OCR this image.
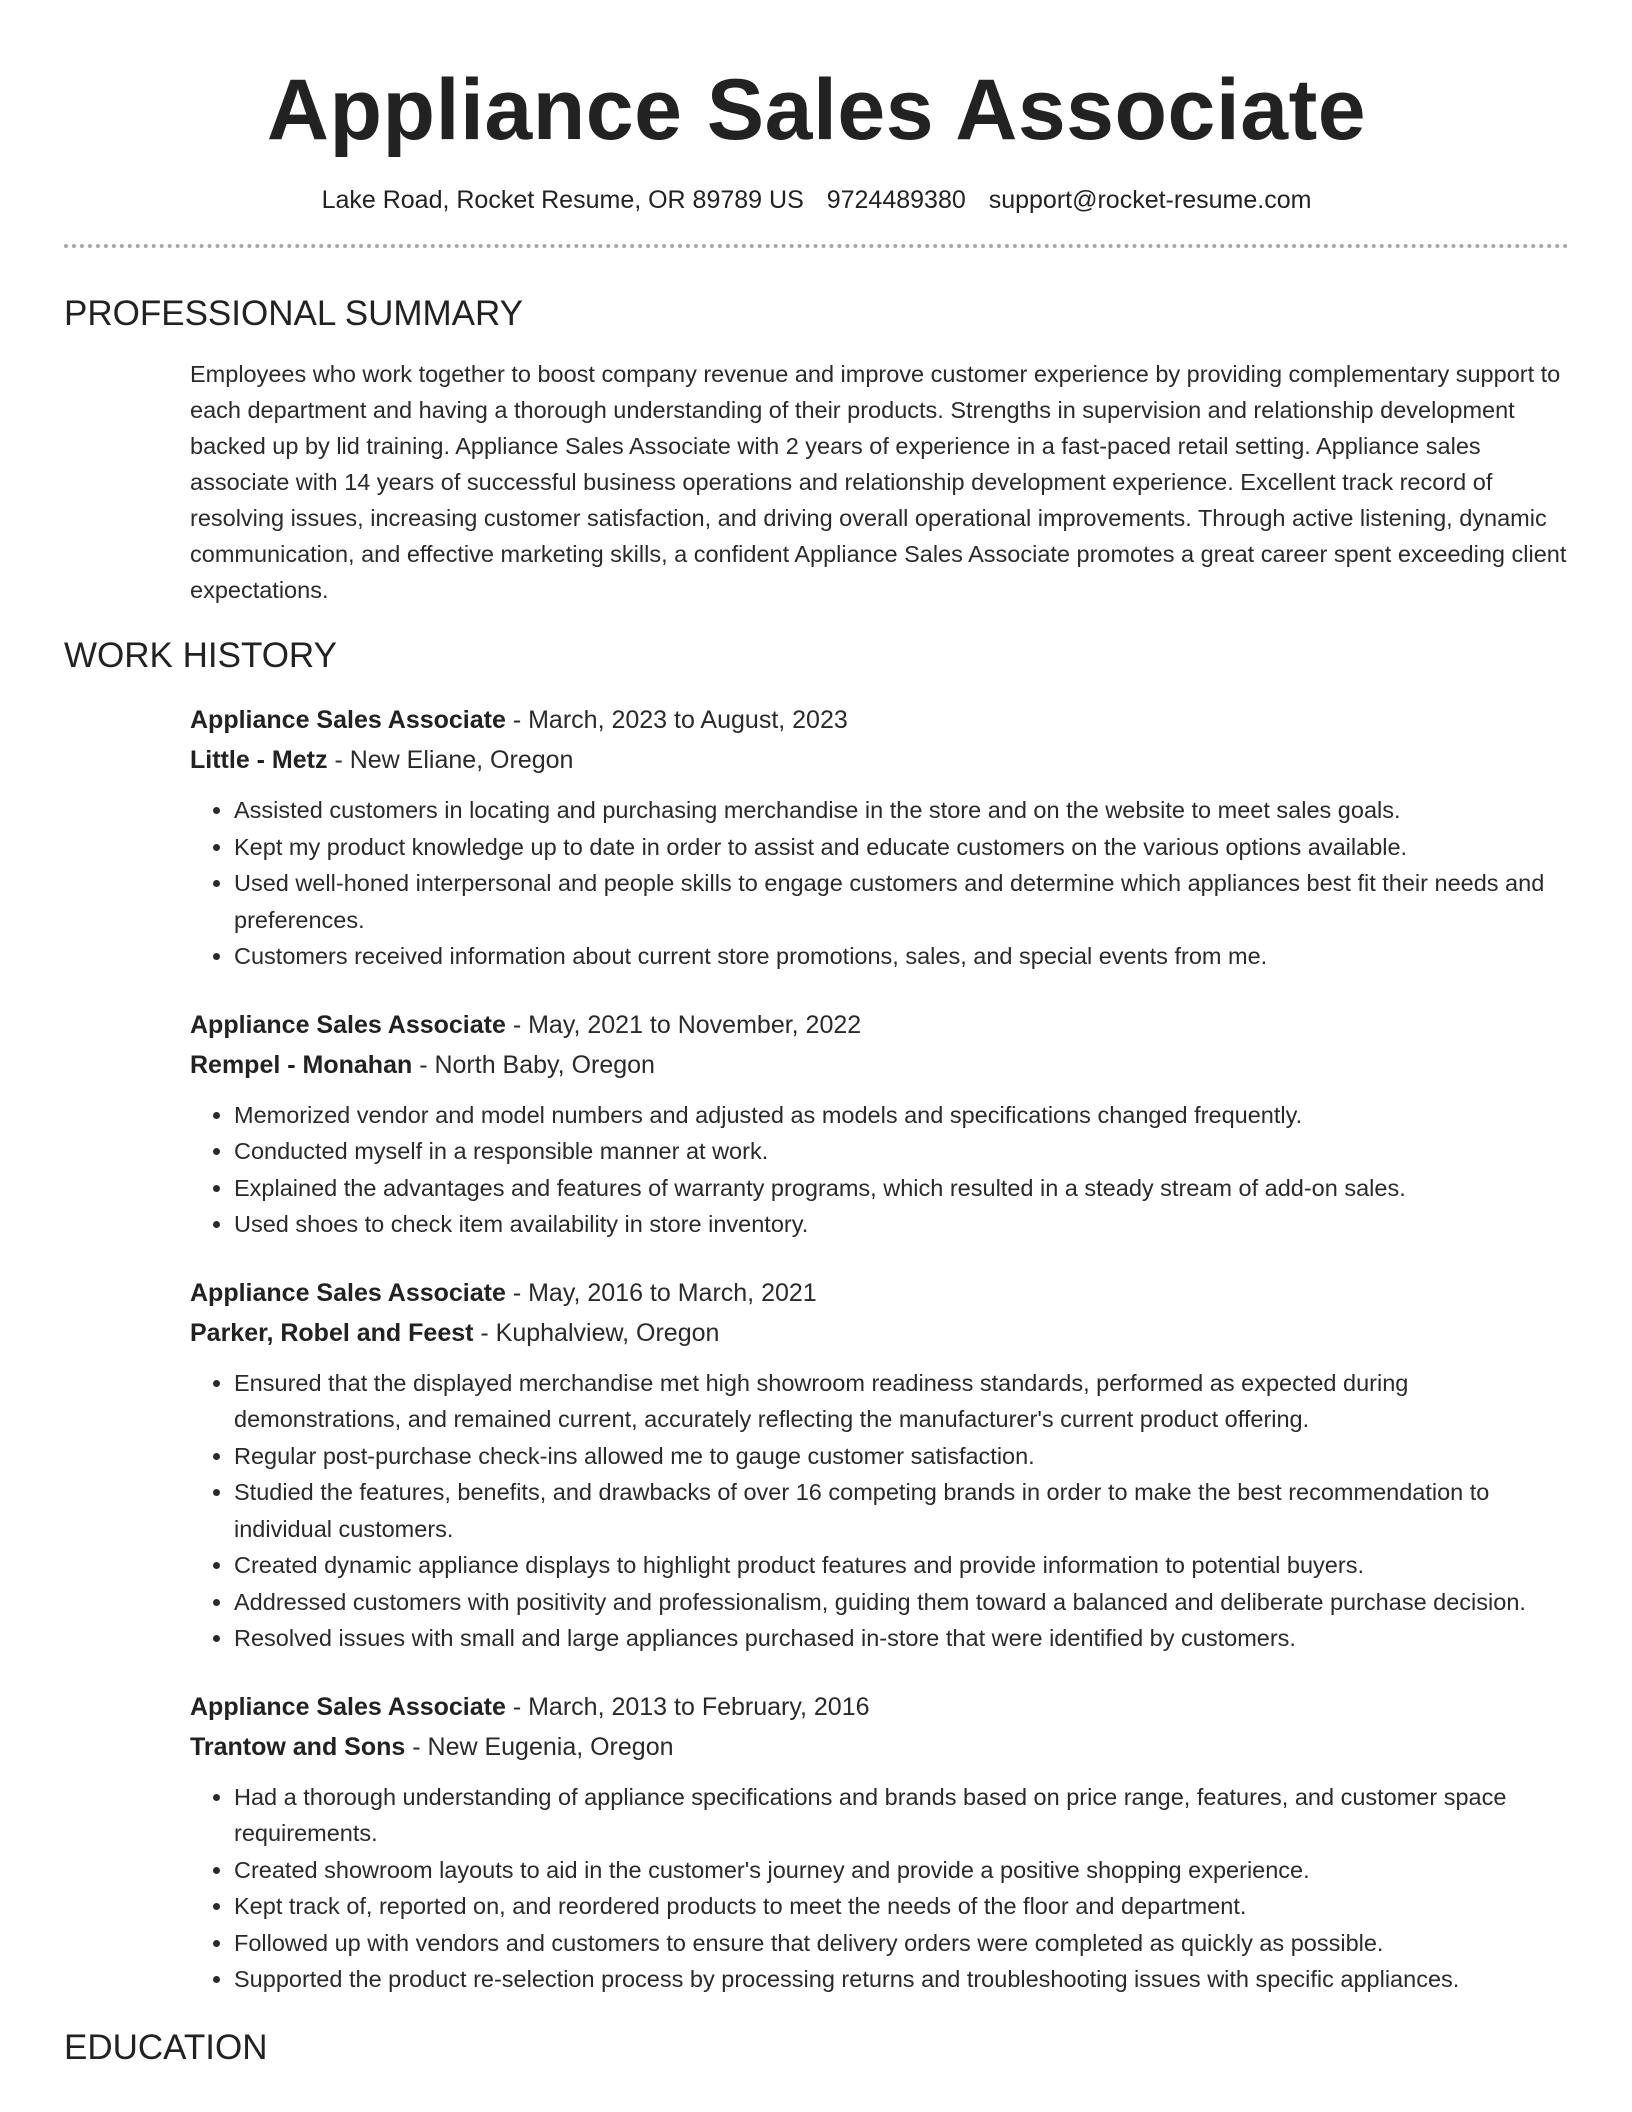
Appliance Sales Associate
Lake Road, Rocket Resume, OR 89789 US 9724489380 support@rocket-resume.com
PROFESSIONAL SUMMARY
Employees who work together to boost company revenue and improve customer experience by providing complementary support to each department and having a thorough understanding of their products. Strengths in supervision and relationship development backed up by lid training. Appliance Sales Associate with 2 years of experience in a fast-paced retail setting. Appliance sales associate with 14 years of successful business operations and relationship development experience. Excellent track record of resolving issues, increasing customer satisfaction, and driving overall operational improvements. Through active listening, dynamic communication, and effective marketing skills, a confident Appliance Sales Associate promotes a great career spent exceeding client expectations.
WORK HISTORY
Appliance Sales Associate - March, 2023 to August, 2023
Little - Metz - New Eliane, Oregon
• Assisted customers in locating and purchasing merchandise in the store and on the website to meet sales goals.
• Kept my product knowledge up to date in order to assist and educate customers on the various options available.
• Used well-honed interpersonal and people skills to engage customers and determine which appliances best fit their needs and preferences.
• Customers received information about current store promotions, sales, and special events from me.
Appliance Sales Associate - May, 2021 to November, 2022
Rempel - Monahan - North Baby, Oregon
• Memorized vendor and model numbers and adjusted as models and specifications changed frequently.
• Conducted myself in a responsible manner at work.
• Explained the advantages and features of warranty programs, which resulted in a steady stream of add-on sales.
• Used shoes to check item availability in store inventory.
Appliance Sales Associate - May, 2016 to March, 2021
Parker, Robel and Feest - Kuphalview, Oregon
• Ensured that the displayed merchandise met high showroom readiness standards, performed as expected during demonstrations, and remained current, accurately reflecting the manufacturer's current product offering.
• Regular post-purchase check-ins allowed me to gauge customer satisfaction.
• Studied the features, benefits, and drawbacks of over 16 competing brands in order to make the best recommendation to individual customers.
• Created dynamic appliance displays to highlight product features and provide information to potential buyers.
• Addressed customers with positivity and professionalism, guiding them toward a balanced and deliberate purchase decision.
• Resolved issues with small and large appliances purchased in-store that were identified by customers.
Appliance Sales Associate - March, 2013 to February, 2016
Trantow and Sons - New Eugenia, Oregon
• Had a thorough understanding of appliance specifications and brands based on price range, features, and customer space requirements.
• Created showroom layouts to aid in the customer's journey and provide a positive shopping experience.
• Kept track of, reported on, and reordered products to meet the needs of the floor and department.
• Followed up with vendors and customers to ensure that delivery orders were completed as quickly as possible.
• Supported the product re-selection process by processing returns and troubleshooting issues with specific appliances.
EDUCATION
